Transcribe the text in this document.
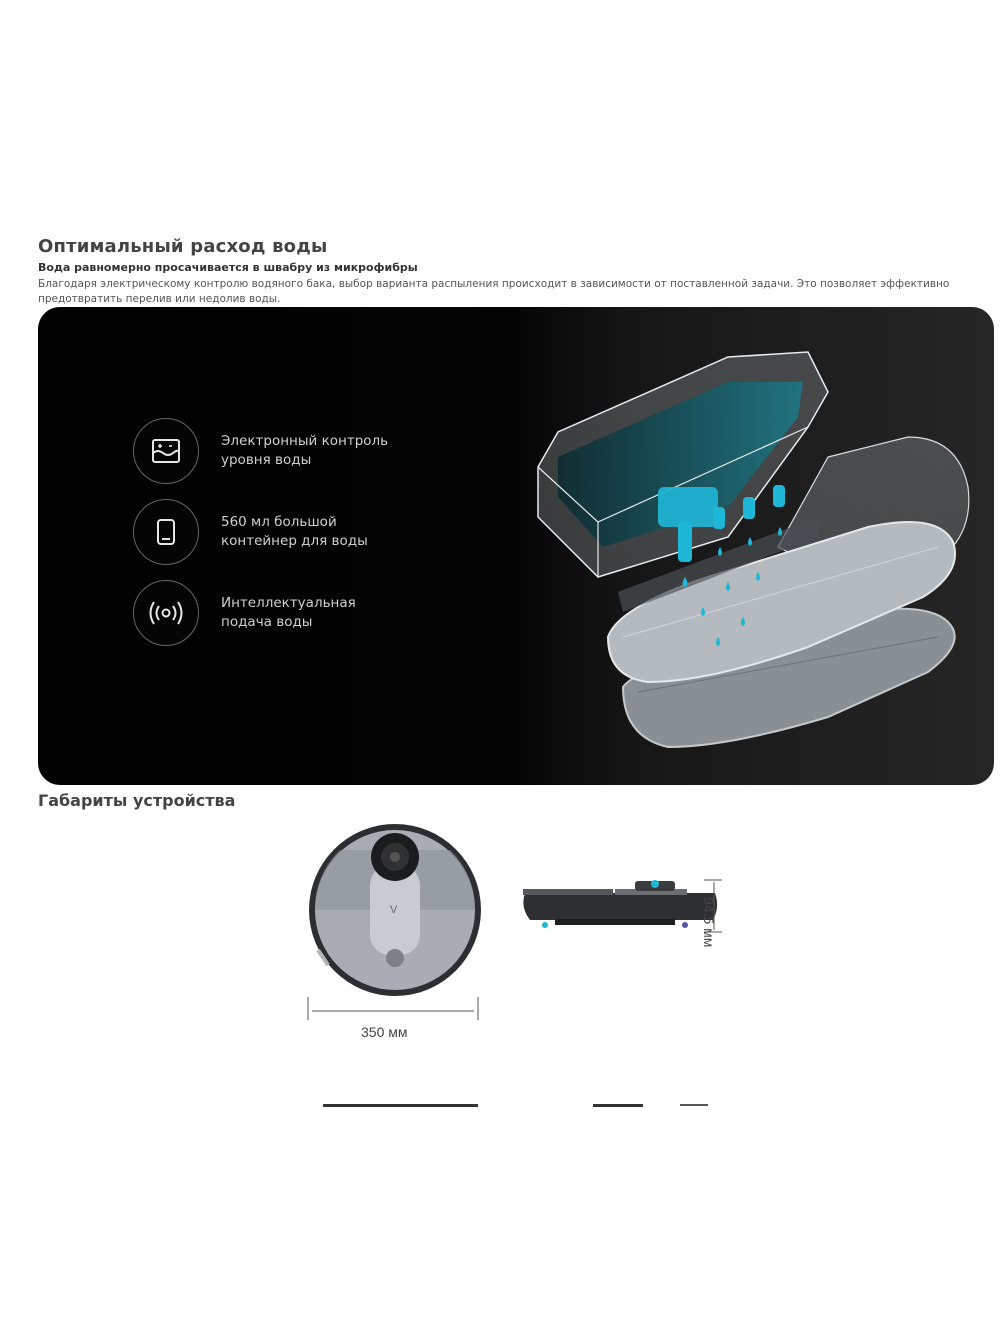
Оптимальный расход воды
Вода равномерно просачивается в швабру из микрофибры
Благодаря электрическому контролю водяного бака, выбор варианта распыления происходит в зависимости от поставленной задачи. Это позволяет эффективно предотвратить перелив или недолив воды.
Электронный контроль
уровня воды
560 мл большой
контейнер для воды
Интеллектуальная
подача воды
Габариты устройства
V
350 мм
94.5 мм
